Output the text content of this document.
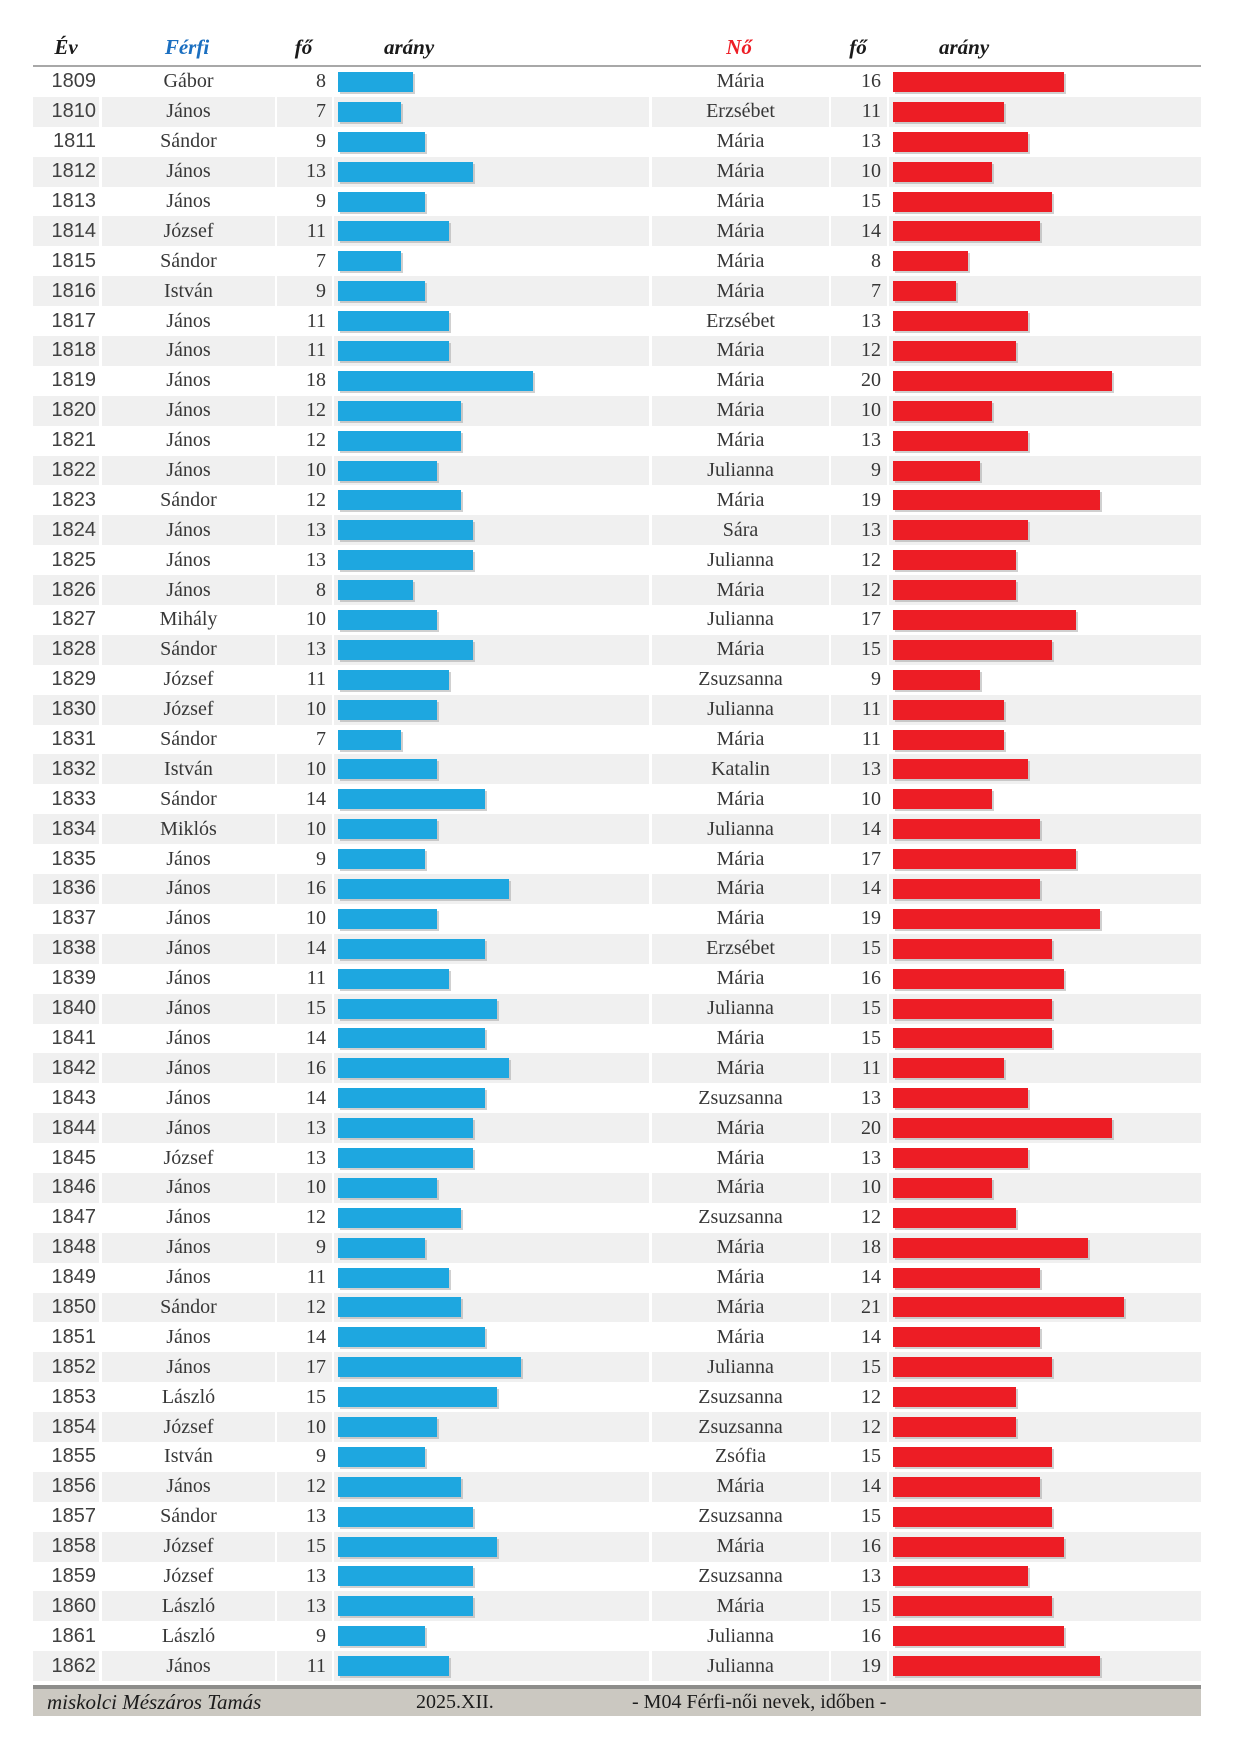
Év	Férfi	fő	arány	Nő	fő	arány
1809	Gábor	8		Mária	16	

1810	János	7		Erzsébet	11	

1811	Sándor	9		Mária	13	

1812	János	13		Mária	10	

1813	János	9		Mária	15	

1814	József	11		Mária	14	

1815	Sándor	7		Mária	8	

1816	István	9		Mária	7	

1817	János	11		Erzsébet	13	

1818	János	11		Mária	12	

1819	János	18		Mária	20	

1820	János	12		Mária	10	

1821	János	12		Mária	13	

1822	János	10		Julianna	9	

1823	Sándor	12		Mária	19	

1824	János	13		Sára	13	

1825	János	13		Julianna	12	

1826	János	8		Mária	12	

1827	Mihály	10		Julianna	17	

1828	Sándor	13		Mária	15	

1829	József	11		Zsuzsanna	9	

1830	József	10		Julianna	11	

1831	Sándor	7		Mária	11	

1832	István	10		Katalin	13	

1833	Sándor	14		Mária	10	

1834	Miklós	10		Julianna	14	

1835	János	9		Mária	17	

1836	János	16		Mária	14	

1837	János	10		Mária	19	

1838	János	14		Erzsébet	15	

1839	János	11		Mária	16	

1840	János	15		Julianna	15	

1841	János	14		Mária	15	

1842	János	16		Mária	11	

1843	János	14		Zsuzsanna	13	

1844	János	13		Mária	20	

1845	József	13		Mária	13	

1846	János	10		Mária	10	

1847	János	12		Zsuzsanna	12	

1848	János	9		Mária	18	

1849	János	11		Mária	14	

1850	Sándor	12		Mária	21	

1851	János	14		Mária	14	

1852	János	17		Julianna	15	

1853	László	15		Zsuzsanna	12	

1854	József	10		Zsuzsanna	12	

1855	István	9		Zsófia	15	

1856	János	12		Mária	14	

1857	Sándor	13		Zsuzsanna	15	

1858	József	15		Mária	16	

1859	József	13		Zsuzsanna	13	

1860	László	13		Mária	15	

1861	László	9		Julianna	16	

1862	János	11		Julianna	19	
miskolci Mészáros Tamás	2025.XII.	- M04 Férfi-női nevek, időben -
